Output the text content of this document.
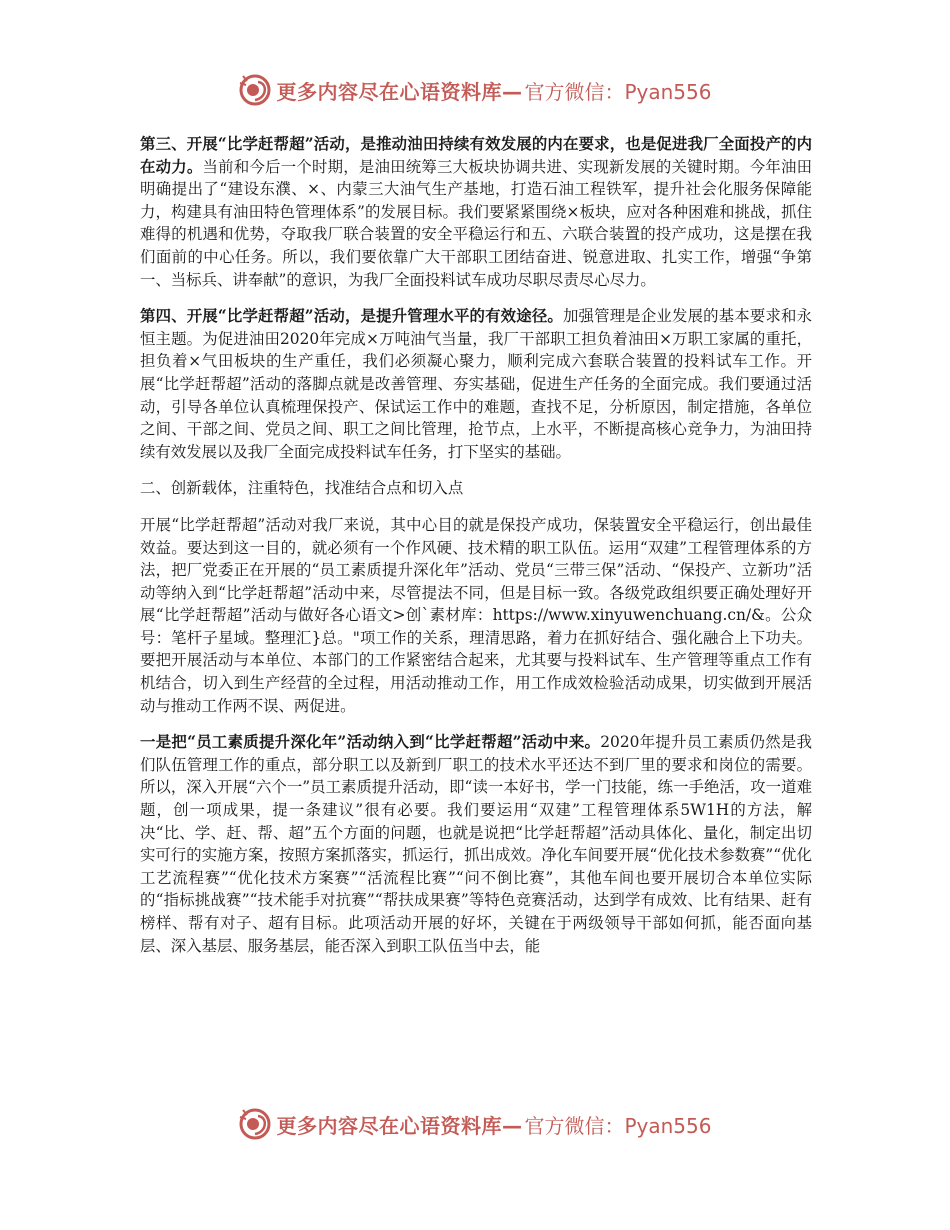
更多内容尽在心语资料库— 官方微信：Pyan556

第三、开展“比学赶帮超”活动，是推动油田持续有效发展的内在要求，也是促进我厂全面投产的内在动力。当前和今后一个时期，是油田统筹三大板块协调共进、实现新发展的关键时期。今年油田明确提出了“建设东濮、×、内蒙三大油气生产基地，打造石油工程铁军，提升社会化服务保障能力，构建具有油田特色管理体系”的发展目标。我们要紧紧围绕×板块，应对各种困难和挑战，抓住难得的机遇和优势，夺取我厂联合装置的安全平稳运行和五、六联合装置的投产成功，这是摆在我们面前的中心任务。所以，我们要依靠广大干部职工团结奋进、锐意进取、扎实工作，增强“争第一、当标兵、讲奉献”的意识，为我厂全面投料试车成功尽职尽责尽心尽力。

第四、开展“比学赶帮超”活动，是提升管理水平的有效途径。加强管理是企业发展的基本要求和永恒主题。为促进油田2020年完成×万吨油气当量，我厂干部职工担负着油田×万职工家属的重托，担负着×气田板块的生产重任，我们必须凝心聚力，顺利完成六套联合装置的投料试车工作。开展“比学赶帮超”活动的落脚点就是改善管理、夯实基础，促进生产任务的全面完成。我们要通过活动，引导各单位认真梳理保投产、保试运工作中的难题，查找不足，分析原因，制定措施，各单位之间、干部之间、党员之间、职工之间比管理，抢节点，上水平，不断提高核心竞争力，为油田持续有效发展以及我厂全面完成投料试车任务，打下坚实的基础。

二、创新载体，注重特色，找准结合点和切入点

开展“比学赶帮超”活动对我厂来说，其中心目的就是保投产成功，保装置安全平稳运行，创出最佳效益。要达到这一目的，就必须有一个作风硬、技术精的职工队伍。运用“双建”工程管理体系的方法，把厂党委正在开展的“员工素质提升深化年”活动、党员“三带三保”活动、“保投产、立新功”活动等纳入到“比学赶帮超”活动中来，尽管提法不同，但是目标一致。各级党政组织要正确处理好开展“比学赶帮超”活动与做好各心语文>创`素材库：https://www.xinyuwenchuang.cn/&。公众号：笔杆子星域。整理汇}总。"项工作的关系，理清思路，着力在抓好结合、强化融合上下功夫。要把开展活动与本单位、本部门的工作紧密结合起来，尤其要与投料试车、生产管理等重点工作有机结合，切入到生产经营的全过程，用活动推动工作，用工作成效检验活动成果，切实做到开展活动与推动工作两不误、两促进。

一是把“员工素质提升深化年”活动纳入到“比学赶帮超”活动中来。2020年提升员工素质仍然是我们队伍管理工作的重点，部分职工以及新到厂职工的技术水平还达不到厂里的要求和岗位的需要。所以，深入开展“六个一”员工素质提升活动，即“读一本好书，学一门技能，练一手绝活，攻一道难题，创一项成果，提一条建议”很有必要。我们要运用“双建”工程管理体系5W1H的方法，解决“比、学、赶、帮、超”五个方面的问题，也就是说把“比学赶帮超”活动具体化、量化，制定出切实可行的实施方案，按照方案抓落实，抓运行，抓出成效。净化车间要开展“优化技术参数赛”“优化工艺流程赛”“优化技术方案赛”“活流程比赛”“问不倒比赛”，其他车间也要开展切合本单位实际的“指标挑战赛”“技术能手对抗赛”“帮扶成果赛”等特色竞赛活动，达到学有成效、比有结果、赶有榜样、帮有对子、超有目标。此项活动开展的好坏，关键在于两级领导干部如何抓，能否面向基层、深入基层、服务基层，能否深入到职工队伍当中去，能

更多内容尽在心语资料库— 官方微信：Pyan556
